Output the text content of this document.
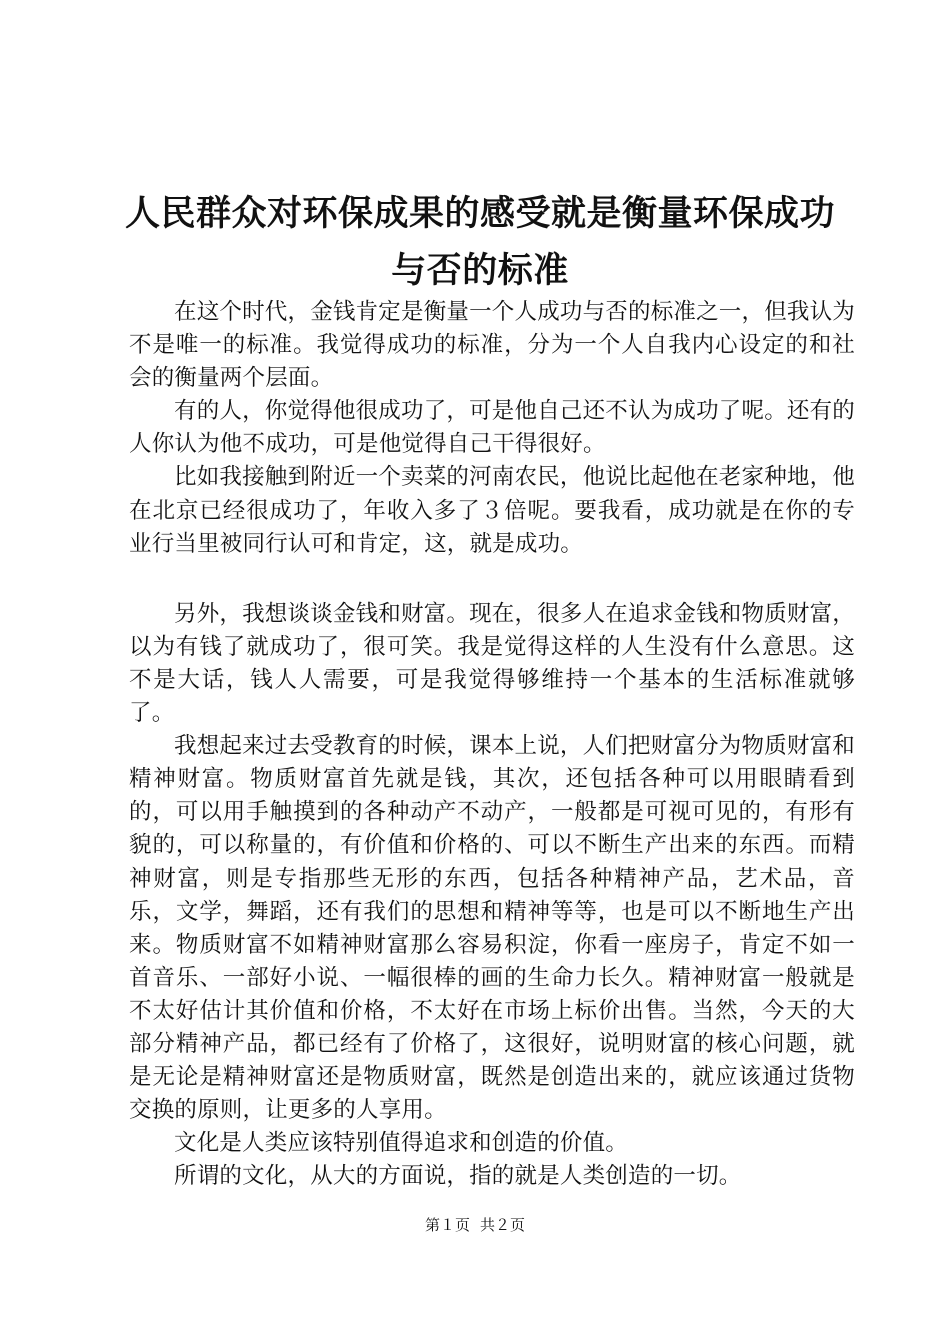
人民群众对环保成果的感受就是衡量环保成功
与否的标准

在这个时代，金钱肯定是衡量一个人成功与否的标准之一，但我认为不是唯一的标准。我觉得成功的标准，分为一个人自我内心设定的和社会的衡量两个层面。

有的人，你觉得他很成功了，可是他自己还不认为成功了呢。还有的人你认为他不成功，可是他觉得自己干得很好。

比如我接触到附近一个卖菜的河南农民，他说比起他在老家种地，他在北京已经很成功了，年收入多了３倍呢。要我看，成功就是在你的专业行当里被同行认可和肯定，这，就是成功。

另外，我想谈谈金钱和财富。现在，很多人在追求金钱和物质财富，以为有钱了就成功了，很可笑。我是觉得这样的人生没有什么意思。这不是大话，钱人人需要，可是我觉得够维持一个基本的生活标准就够了。

我想起来过去受教育的时候，课本上说，人们把财富分为物质财富和精神财富。物质财富首先就是钱，其次，还包括各种可以用眼睛看到的，可以用手触摸到的各种动产不动产，一般都是可视可见的，有形有貌的，可以称量的，有价值和价格的、可以不断生产出来的东西。而精神财富，则是专指那些无形的东西，包括各种精神产品，艺术品，音乐，文学，舞蹈，还有我们的思想和精神等等，也是可以不断地生产出来。物质财富不如精神财富那么容易积淀，你看一座房子，肯定不如一首音乐、一部好小说、一幅很棒的画的生命力长久。精神财富一般就是不太好估计其价值和价格，不太好在市场上标价出售。当然，今天的大部分精神产品，都已经有了价格了，这很好，说明财富的核心问题，就是无论是精神财富还是物质财富，既然是创造出来的，就应该通过货物交换的原则，让更多的人享用。

文化是人类应该特别值得追求和创造的价值。

所谓的文化，从大的方面说，指的就是人类创造的一切。

第１页 共２页
